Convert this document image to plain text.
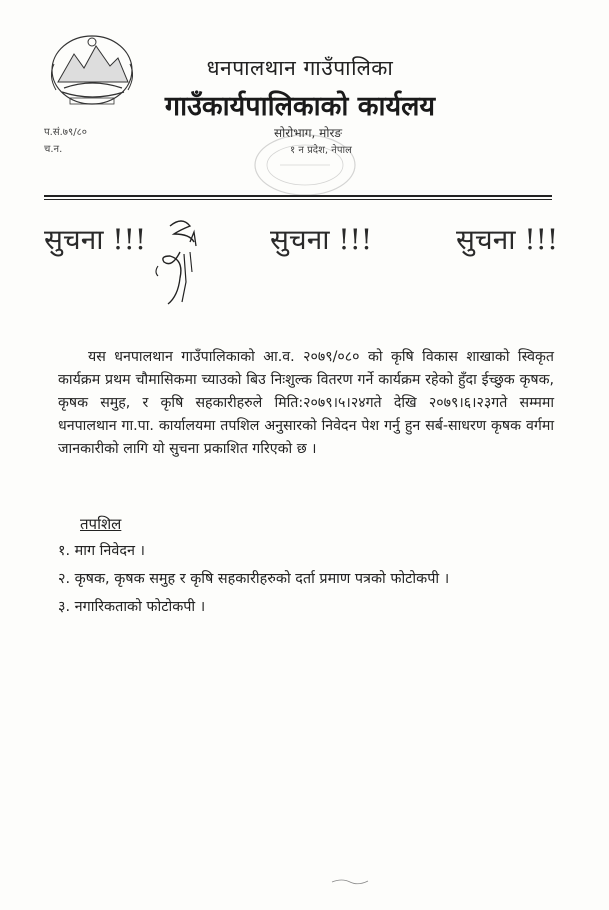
धनपालथान गाउँपालिका
गाउँकार्यपालिकाको कार्यलय
प.सं.७९/८०
च.न.
सोरोभाग, मोरङ
१ न प्रदेश, नेपाल
सुचना !!!	सुचना !!!	सुचना !!!
यस धनपालथान गाउँपालिकाको आ.व. २०७९/०८० को कृषि विकास शाखाको स्विकृत कार्यक्रम प्रथम चौमासिकमा च्याउको बिउ निःशुल्क वितरण गर्ने कार्यक्रम रहेको हुँदा ईच्छुक कृषक, कृषक समुह, र कृषि सहकारीहरुले मिति:२०७९।५।२४गते देखि २०७९।६।२३गते सम्ममा धनपालथान गा.पा. कार्यालयमा तपशिल अनुसारको निवेदन पेश गर्नु हुन सर्ब-साधरण कृषक वर्गमा जानकारीको लागि यो सुचना प्रकाशित गरिएको छ ।
तपशिल
१. माग निवेदन ।
२. कृषक, कृषक समुह र कृषि सहकारीहरुको दर्ता प्रमाण पत्रको फोटोकपी ।
३. नगारिकताको फोटोकपी ।
